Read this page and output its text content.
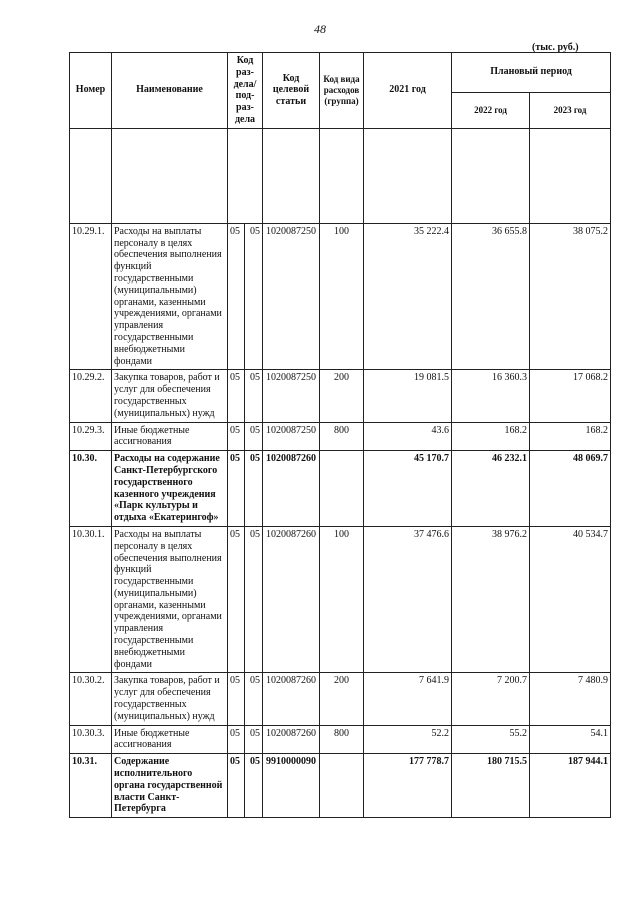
48
(тыс. руб.)
Номер	Наименование	Код раз-дела/ под-раз-дела		Код целевой статьи	Код вида расходов (группа)	2021 год	Плановый период	
							2022 год	2023 год

10.29.1.	Расходы на выплаты персоналу в целях обеспечения выполнения функций государственными (муниципальными) органами, казенными учреждениями, органами управления государственными внебюджетными фондами	05	05	1020087250	100	35 222.4	36 655.8	38 075.2
10.29.2.	Закупка товаров, работ и услуг для обеспечения государственных (муниципальных) нужд	05	05	1020087250	200	19 081.5	16 360.3	17 068.2
10.29.3.	Иные бюджетные ассигнования	05	05	1020087250	800	43.6	168.2	168.2
10.30.	Расходы на содержание Санкт-Петербургского государственного казенного учреждения «Парк культуры и отдыха «Екатерингоф»	05	05	1020087260		45 170.7	46 232.1	48 069.7
10.30.1.	Расходы на выплаты персоналу в целях обеспечения выполнения функций государственными (муниципальными) органами, казенными учреждениями, органами управления государственными внебюджетными фондами	05	05	1020087260	100	37 476.6	38 976.2	40 534.7
10.30.2.	Закупка товаров, работ и услуг для обеспечения государственных (муниципальных) нужд	05	05	1020087260	200	7 641.9	7 200.7	7 480.9
10.30.3.	Иные бюджетные ассигнования	05	05	1020087260	800	52.2	55.2	54.1
10.31.	Содержание исполнительного органа государственной власти Санкт-Петербурга	05	05	9910000090		177 778.7	180 715.5	187 944.1
